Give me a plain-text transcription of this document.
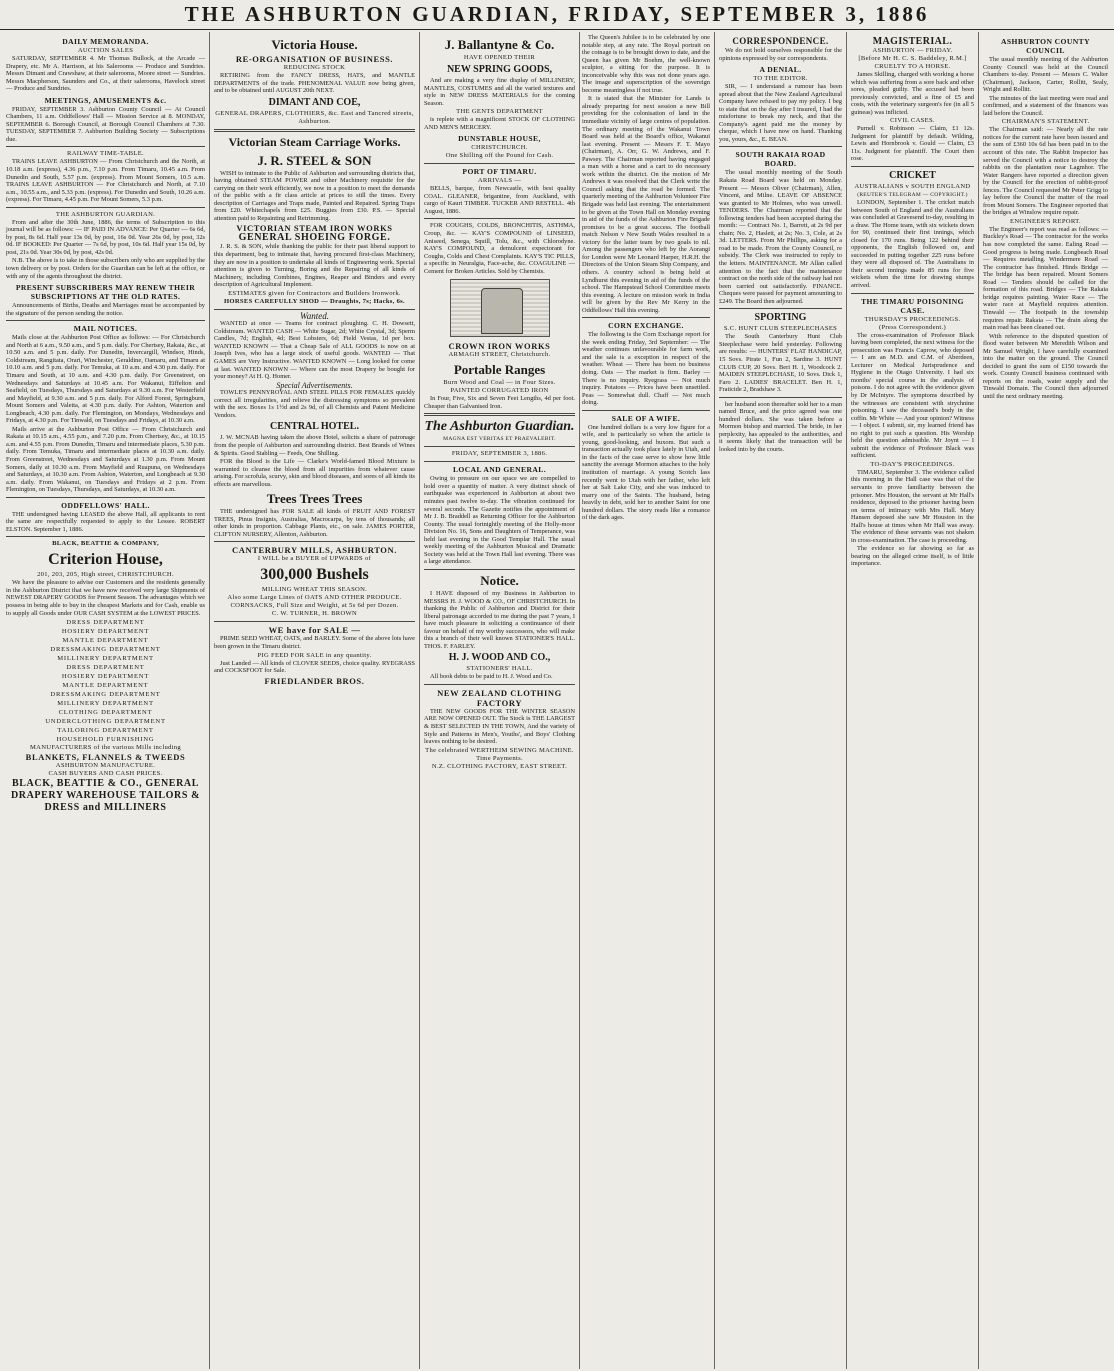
THE ASHBURTON GUARDIAN, FRIDAY, SEPTEMBER 3, 1886
DAILY MEMORANDA.
AUCTION SALES
SATURDAY, SEPTEMBER 4. Mr Thomas Bullock, at the Arcade — Drapery, etc. Mr A. Harrison, at his Salerooms — Produce and Sundries. Messrs Dimant and Crawshaw, at their salerooms, Moore street — Sundries. Messrs Macpherson, Saunders and Co., at their salerooms, Havelock street — Produce and Sundries.
MEETINGS, AMUSEMENTS &c.
FRIDAY, SEPTEMBER 3. Ashburton County Council — At Council Chambers, 11 a.m. Oddfellows' Hall — Mission Service at 8. MONDAY, SEPTEMBER 6. Borough Council, at Borough Council Chambers at 7.30. TUESDAY, SEPTEMBER 7. Ashburton Building Society — Subscriptions due.
RAILWAY TIME-TABLE.
TRAINS LEAVE ASHBURTON — From Christchurch and the North, at 10.18 a.m. (express), 4.36 p.m., 7.10 p.m. From Timaru, 10.45 a.m. From Dunedin and South, 5.57 p.m. (express). From Mount Somers, 10.5 a.m. TRAINS LEAVE ASHBURTON — For Christchurch and North, at 7.10 a.m., 10.55 a.m., and 5.33 p.m. (express). For Dunedin and South, 10.26 a.m. (express). For Timaru, 4.45 p.m. For Mount Somers, 5.3 p.m.
THE ASHBURTON GUARDIAN.
From and after the 30th June, 1886, the terms of Subscription to this journal will be as follows: — IF PAID IN ADVANCE: Per Quarter — 6s 6d, by post, 8s 6d. Half year 13s 0d, by post, 16s 0d. Year 26s 0d, by post, 32s 0d. IF BOOKED: Per Quarter — 7s 6d, by post, 10s 6d. Half year 15s 0d, by post, 21s 0d. Year 30s 0d, by post, 42s 0d.
N.B. The above is to take in those subscribers only who are supplied by the town delivery or by post. Orders for the Guardian can be left at the office, or with any of the agents throughout the district.
PRESENT SUBSCRIBERS MAY RENEW THEIR SUBSCRIPTIONS AT THE OLD RATES.
Announcements of Births, Deaths and Marriages must be accompanied by the signature of the person sending the notice.
MAIL NOTICES.
Mails close at the Ashburton Post Office as follows: — For Christchurch and North at 6 a.m., 9.50 a.m., and 5 p.m. daily. For Chertsey, Rakaia, &c., at 10.50 a.m. and 5 p.m. daily. For Dunedin, Invercargill, Windsor, Hinds, Coldstream, Rangitata, Orari, Winchester, Geraldine, Oamaru, and Timaru at 10.10 a.m. and 5 p.m. daily. For Temuka, at 10 a.m. and 4.30 p.m. daily. For Timaru and South, at 10 a.m. and 4.30 p.m. daily. For Greenstreet, on Wednesdays and Saturdays at 10.45 a.m. For Wakanui, Eiffelton and Seafield, on Tuesdays, Thursdays and Saturdays at 9.30 a.m. For Westerfield and Mayfield, at 9.30 a.m. and 5 p.m. daily. For Alford Forest, Springburn, Mount Somers and Valetta, at 4.30 p.m. daily. For Ashton, Waterton and Longbeach, 4.30 p.m. daily. For Flemington, on Mondays, Wednesdays and Fridays, at 4.30 p.m. For Tinwald, on Tuesdays and Fridays, at 10.30 a.m.
Mails arrive at the Ashburton Post Office — From Christchurch and Rakaia at 10.15 a.m., 4.55 p.m., and 7.20 p.m. From Chertsey, &c., at 10.15 a.m. and 4.55 p.m. From Dunedin, Timaru and intermediate places, 5.30 p.m. daily. From Temuka, Timaru and intermediate places at 10.30 a.m. daily. From Greenstreet, Wednesdays and Saturdays at 1.30 p.m. From Mount Somers, daily at 10.30 a.m. From Mayfield and Ruapuna, on Wednesdays and Saturdays, at 10.30 a.m. From Ashton, Waterton, and Longbeach at 9.30 a.m. daily. From Wakanui, on Tuesdays and Fridays at 2 p.m. From Flemington, on Tuesdays, Thursdays, and Saturdays, at 10.30 a.m.
ODDFELLOWS' HALL.
THE undersigned having LEASED the above Hall, all applicants to rent the same are respectfully requested to apply to the Lessee. ROBERT ELSTON. September 1, 1886.
BLACK, BEATTIE & COMPANY,
Criterion House,
201, 203, 205, High street, CHRISTCHURCH.
We have the pleasure to advise our Customers and the residents generally in the Ashburton District that we have now received very large Shipments of NEWEST DRAPERY GOODS for Present Season. The advantages which we possess in being able to buy in the cheapest Markets and for Cash, enable us to supply all Goods under OUR CASH SYSTEM at the LOWEST PRICES.
DRESS DEPARTMENT
HOSIERY DEPARTMENT
MANTLE DEPARTMENT
DRESSMAKING DEPARTMENT
MILLINERY DEPARTMENT
DRESS DEPARTMENT
HOSIERY DEPARTMENT
MANTLE DEPARTMENT
DRESSMAKING DEPARTMENT
MILLINERY DEPARTMENT
CLOTHING DEPARTMENT
UNDERCLOTHING DEPARTMENT
TAILORING DEPARTMENT
HOUSEHOLD FURNISHING
MANUFACTURERS of the various Mills including
BLANKETS, FLANNELS & TWEEDS
ASHBURTON MANUFACTURE.
CASH BUYERS AND CASH PRICES.
BLACK, BEATTIE & CO., GENERAL DRAPERY WAREHOUSE TAILORS & DRESS and MILLINERS
Victoria House.
RE-ORGANISATION OF BUSINESS.
REDUCING STOCK
RETIRING from the FANCY DRESS, HATS, and MANTLE DEPARTMENTS of the trade. PHENOMENAL VALUE now being given, and to be obtained until AUGUST 20th NEXT.
DIMANT AND COE,
GENERAL DRAPERS, CLOTHIERS, &c. East and Tancred streets, Ashburton.
Victorian Steam Carriage Works.
J. R. STEEL & SON
WISH to intimate to the Public of Ashburton and surrounding districts that, having obtained STEAM POWER and other Machinery requisite for the carrying on their work efficiently, we now in a position to meet the demands of the public with a fir class article at prices to still the times. Every description of Carriages and Traps made, Painted and Repaired. Spring Traps from £20. Whitechapels from £25. Buggies from £30. P.S. — Special attention paid to Repainting and Retrimming.
VICTORIAN STEAM IRON WORKS
GENERAL SHOEING FORGE.
J. R. S. & SON, while thanking the public for their past liberal support to this department, beg to intimate that, having procured first-class Machinery, they are now in a position to undertake all kinds of Engineering work. Special attention is given to Turning, Boring and the Repairing of all kinds of Machinery, including Combines, Engines, Reaper and Binders and every description of Agricultural Implement.
ESTIMATES given for Contractors and Builders Ironwork.
HORSES CAREFULLY SHOD — Draughts, 7s; Hacks, 6s.
Wanted.
WANTED at once — Teams for contract ploughing. C. H. Dowsett, Coldstream. WANTED CASH — White Sugar, 2d; White Crystal, 3d; Sperm Candles, 7d; English, 4d; Best Lobsters, 6d; Field Vestas, 1d per box. WANTED KNOWN — That a Cheap Sale of ALL GOODS is now on at Joseph Ives, who has a large stock of useful goods. WANTED — That GAMES are Very Instructive. WANTED KNOWN — Long looked for come at last. WANTED KNOWN — Where can the most Drapery be bought for your money? At H. Q. Homer.
Special Advertisements.
TOWLE'S PENNYROYAL AND STEEL PILLS FOR FEMALES quickly correct all irregularities, and relieve the distressing symptoms so prevalent with the sex. Boxes 1s 1½d and 2s 9d, of all Chemists and Patent Medicine Vendors.
CENTRAL HOTEL.
J. W. MCNAB having taken the above Hotel, solicits a share of patronage from the people of Ashburton and surrounding district. Best Brands of Wines & Spirits. Good Stabling — Feeds, One Shilling.
FOR the Blood is the Life — Clarke's World-famed Blood Mixture is warranted to cleanse the blood from all impurities from whatever cause arising. For scrofula, scurvy, skin and blood diseases, and sores of all kinds its effects are marvellous.
Trees Trees Trees
THE undersigned has FOR SALE all kinds of FRUIT AND FOREST TREES, Pinus Insignis, Australias, Macrocarpa, by tens of thousands; all other kinds in proportion. Cabbage Plants, etc., on sale. JAMES PORTER, CLIFTON NURSERY, Allenton, Ashburton.
CANTERBURY MILLS, ASHBURTON.
I WILL be a BUYER of UPWARDS of
300,000 Bushels
MILLING WHEAT THIS SEASON.
Also some Large Lines of OATS AND OTHER PRODUCE.
CORNSACKS, Full Size and Weight, at 5s 6d per Dozen.
C. W. TURNER, H. BROWN
WE have for SALE —
PRIME SEED WHEAT, OATS, and BARLEY. Some of the above lots have been grown in the Timaru district.
PIG FEED FOR SALE in any quantity.
Just Landed — All kinds of CLOVER SEEDS, choice quality. RYEGRASS and COCKSFOOT for Sale.
FRIEDLANDER BROS.
J. Ballantyne & Co.
HAVE OPENED THEIR
NEW SPRING GOODS,
And are making a very fine display of MILLINERY, MANTLES, COSTUMES and all the varied textures and style in NEW DRESS MATERIALS for the coming Season.
THE GENTS DEPARTMENT
is replete with a magnificent STOCK OF CLOTHING AND MEN'S MERCERY.
DUNSTABLE HOUSE,
CHRISTCHURCH.
One Shilling off the Pound for Cash.
PORT OF TIMARU.
ARRIVALS —
BELLS, barque, from Newcastle, with best quality COAL. GLEANER, brigantine, from Auckland, with cargo of Kauri TIMBER. TUCKER AND RESTELL. 4th August, 1886.
FOR COUGHS, COLDS, BRONCHITIS, ASTHMA, Croup, &c. — KAY'S COMPOUND of LINSEED, Aniseed, Senega, Squill, Tolu, &c., with Chlorodyne. KAY'S COMPOUND, a demulcent expectorant for Coughs, Colds and Chest Complaints. KAY'S TIC PILLS, a specific in Neuralgia, Face-ache, &c. COAGULINE — Cement for Broken Articles. Sold by Chemists.
CROWN IRON WORKS
ARMAGH STREET, Christchurch.
Portable Ranges
Burn Wood and Coal — in Four Sizes.
PAINTED CORRUGATED IRON
In Four, Five, Six and Seven Feet Lengths, 4d per foot. Cheaper than Galvanised Iron.
The Ashburton Guardian.
MAGNA EST VERITAS ET PRAEVALEBIT.
FRIDAY, SEPTEMBER 3, 1886.
LOCAL AND GENERAL.
Owing to pressure on our space we are compelled to hold over a quantity of matter. A very distinct shock of earthquake was experienced in Ashburton at about two minutes past twelve to-day. The vibration continued for several seconds. The Gazette notifies the appointment of Mr J. B. Braddell as Returning Officer for the Ashburton County. The usual fortnightly meeting of the Holly-moor Division No. 16, Sons and Daughters of Temperance, was held last evening in the Good Templar Hall. The usual weekly meeting of the Ashburton Musical and Dramatic Society was held at the Town Hall last evening. There was a large attendance.
Notice.
I HAVE disposed of my Business in Ashburton to MESSRS H. J. WOOD & CO., OF CHRISTCHURCH. In thanking the Public of Ashburton and District for their liberal patronage accorded to me during the past 7 years, I have much pleasure in soliciting a continuance of their favour on behalf of my worthy successors, who will make this a branch of their well known STATIONER'S HALL. THOS. F. FARLEY.
H. J. WOOD AND CO.,
STATIONERS' HALL.
All book debts to be paid to H. J. Wood and Co.
NEW ZEALAND CLOTHING FACTORY
THE NEW GOODS FOR THE WINTER SEASON ARE NOW OPENED OUT. The Stock is THE LARGEST & BEST SELECTED IN THE TOWN, And the variety of Style and Patterns in Men's, Youths', and Boys' Clothing leaves nothing to be desired.
The celebrated WERTHEIM SEWING MACHINE. Time Payments.
N.Z. CLOTHING FACTORY, EAST STREET.
The Queen's Jubilee is to be celebrated by one notable step, at any rate. The Royal portrait on the coinage is to be brought down to date, and the Queen has given Mr Boehm, the well-known sculptor, a sitting for the purpose. It is inconceivable why this was not done years ago. The image and superscription of the sovereign become meaningless if not true.
It is stated that the Minister for Lands is already preparing for next session a new Bill providing for the colonisation of land in the immediate vicinity of large centres of population. The ordinary meeting of the Wakanui Town Board was held at the Board's office, Wakanui last evening. Present — Messrs F. T. Mayo (Chairman), A. Orr, G. W. Andrews, and F. Pawsey. The Chairman reported having engaged a man with a horse and a cart to do necessary work within the district. On the motion of Mr Andrews it was resolved that the Clerk write the Council asking that the road be formed. The quarterly meeting of the Ashburton Volunteer Fire Brigade was held last evening. The entertainment to be given at the Town Hall on Monday evening in aid of the funds of the Ashburton Fire Brigade promises to be a great success. The football match Nelson v New South Wales resulted in a victory for the latter team by two goals to nil. Among the passengers who left by the Aorangi for London were Mr Leonard Harper, H.R.H. the Directors of the Union Steam Ship Company, and others. A country school is being held at Lyndhurst this evening in aid of the funds of the school. The Hampstead School Committee meets this evening. A lecture on mission work in India will be given by the Rev Mr Kerry in the Oddfellows' Hall this evening.
CORN EXCHANGE.
The following is the Corn Exchange report for the week ending Friday, 3rd September: — The weather continues unfavourable for farm work, and the sale is a exception in respect of the weather. Wheat — There has been no business doing. Oats — The market is firm. Barley — There is no inquiry. Ryegrass — Not much inquiry. Potatoes — Prices have been unsettled. Peas — Somewhat dull. Chaff — Not much doing.
SALE OF A WIFE.
One hundred dollars is a very low figure for a wife, and is particularly so when the article is young, good-looking, and buxom. But such a transaction actually took place lately in Utah, and in the facts of the case serve to show how little sanctity the average Mormon attaches to the holy institution of marriage. A young Scotch lass recently went to Utah with her father, who left her at Salt Lake City, and she was induced to marry one of the Saints. The husband, being heavily in debt, sold her to another Saint for one hundred dollars. The story reads like a romance of the dark ages.
CORRESPONDENCE.
We do not hold ourselves responsible for the opinions expressed by our correspondents.
A DENIAL.
TO THE EDITOR.
SIR, — I understand a rumour has been spread about that the New Zealand Agricultural Company have refused to pay my policy. I beg to state that on the day after I insured, I had the misfortune to break my neck, and that the Company's agent paid me the money by cheque, which I have now on hand. Thanking you, yours, &c., E. BEAN.
SOUTH RAKAIA ROAD BOARD.
The usual monthly meeting of the South Rakaia Road Board was held on Monday. Present — Messrs Oliver (Chairman), Allen, Vincent, and Milne. LEAVE OF ABSENCE was granted to Mr Holmes, who was unwell. TENDERS. The Chairman reported that the following tenders had been accepted during the month: — Contract No. 1, Barrett, at 2s 9d per chain; No. 2, Haslett, at 2s; No. 3, Cole, at 2s 3d. LETTERS. From Mr Phillips, asking for a road to be made. From the County Council, re subsidy. The Clerk was instructed to reply to the letters. MAINTENANCE. Mr Allan called attention to the fact that the maintenance contract on the north side of the railway had not been carried out satisfactorily. FINANCE. Cheques were passed for payment amounting to £249. The Board then adjourned.
SPORTING
S.C. HUNT CLUB STEEPLECHASES
The South Canterbury Hunt Club Steeplechase were held yesterday. Following are results: — HUNTERS' FLAT HANDICAP, 15 Sovs. Pirate 1, Fun 2, Sardine 3. HUNT CLUB CUP, 20 Sovs. Beri H. 1, Woodcock 2. MAIDEN STEEPLECHASE, 10 Sovs. Dick 1, Faro 2. LADIES' BRACELET. Ben H. 1, Fraticide 2, Bradshaw 3.
her husband soon thereafter sold her to a man named Bruce, and the price agreed was one hundred dollars. She was taken before a Mormon bishop and married. The bride, in her perplexity, has appealed to the authorities, and it seems likely that the transaction will be looked into by the courts.
MAGISTERIAL.
ASHBURTON — FRIDAY.
[Before Mr H. C. S. Baddeley, R.M.]
CRUELTY TO A HORSE.
James Skilling, charged with working a horse which was suffering from a sore back and other sores, pleaded guilty. The accused had been previously convicted, and a fine of £5 and costs, with the veterinary surgeon's fee (in all 5 guineas) was inflicted.
CIVIL CASES.
Purnell v. Robinson — Claim, £1 12s. Judgment for plaintiff by default. Wilding, Lewis and Hornbrook v. Gould — Claim, £3 11s. Judgment for plaintiff. The Court then rose.
CRICKET
AUSTRALIANS v SOUTH ENGLAND
(REUTER'S TELEGRAM — COPYRIGHT.)
LONDON, September 1. The cricket match between South of England and the Australians was concluded at Gravesend to-day, resulting in a draw. The Home team, with six wickets down for 90, continued their first innings, which closed for 170 runs. Being 122 behind their opponents, the English followed on, and succeeded in putting together 225 runs before they were all disposed of. The Australians in their second innings made 85 runs for five wickets when the time for drawing stumps arrived.
THE TIMARU POISONING CASE.
THURSDAY'S PROCEEDINGS.
(Press Correspondent.)
The cross-examination of Professor Black having been completed, the next witness for the prosecution was Francis Caprow, who deposed — I am an M.D. and C.M. of Aberdeen, Lecturer on Medical Jurisprudence and Hygiene in the Otago University. I had six months' special course in the analysis of poisons. I do not agree with the evidence given by Dr McIntyre. The symptoms described by the witnesses are consistent with strychnine poisoning. I saw the deceased's body in the coffin. Mr White — And your opinion? Witness — I object. I submit, sir, my learned friend has no right to put such a question. His Worship held the question admissible. Mr Joynt — I submit the evidence of Professor Black was sufficient.
TO-DAY'S PROCEEDINGS.
TIMARU, September 3. The evidence called this morning in the Hall case was that of the servants to prove familiarity between the prisoner. Mrs Houston, the servant at Mr Hall's residence, deposed to the prisoner having been on terms of intimacy with Mrs Hall. Mary Hansen deposed she saw Mr Houston in the Hall's house at times when Mr Hall was away. The evidence of these servants was not shaken in cross-examination. The case is proceeding.
The evidence so far showing so far as bearing on the alleged crime itself, is of little importance.
ASHBURTON COUNTY COUNCIL
The usual monthly meeting of the Ashburton County Council was held at the Council Chambers to-day. Present — Messrs C. Walter (Chairman), Jackson, Carter, Rollitt, Sealy, Wright and Rollitt.
The minutes of the last meeting were read and confirmed, and a statement of the finances was laid before the Council.
CHAIRMAN'S STATEMENT.
The Chairman said: — Nearly all the rate notices for the current rate have been issued and the sum of £360 10s 6d has been paid in to the account of this rate. The Rabbit Inspector has served the Council with a notice to destroy the rabbits on the plantation near Lagmhor. The Water Rangers have reported a direction given by the Council for the erection of rabbit-proof fences. The Council requested Mr Peter Grigg to lay before the Council the matter of the road from Mount Somers. The Engineer reported that the bridges at Winslow require repair.
ENGINEER'S REPORT.
The Engineer's report was read as follows: — Buckley's Road — The contractor for the works has now completed the same. Ealing Road — Good progress is being made. Longbeach Road — Requires metalling. Windermere Road — The contractor has finished. Hinds Bridge — The bridge has been repaired. Mount Somers Road — Tenders should be called for the formation of this road. Bridges — The Rakaia bridge requires painting. Water Race — The water race at Mayfield requires attention. Tinwald — The footpath in the township requires repair. Rakaia — The drain along the main road has been cleaned out.
With reference to the disputed question of flood water between Mr Meredith Wilson and Mr Samuel Wright, I have carefully examined into the matter on the ground. The Council decided to grant the sum of £150 towards the work. County Council business continued with reports on the roads, water supply and the Tinwald Domain. The Council then adjourned until the next ordinary meeting.
